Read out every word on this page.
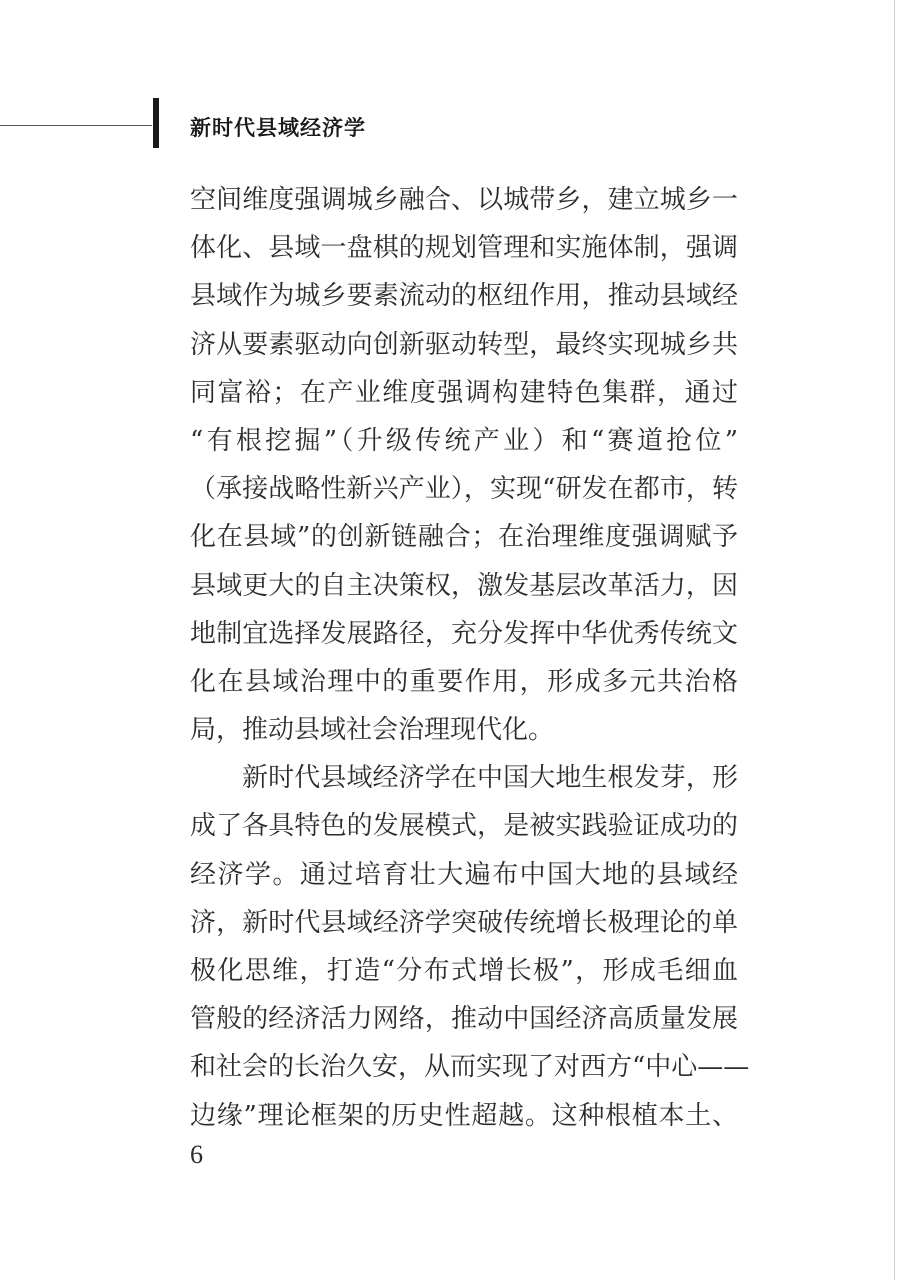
新时代县域经济学
空间维度强调城乡融合、以城带乡，建立城乡一
体化、县域一盘棋的规划管理和实施体制，强调
县域作为城乡要素流动的枢纽作用，推动县域经
济从要素驱动向创新驱动转型，最终实现城乡共
同富裕；在产业维度强调构建特色集群，通过
“有根挖掘”（升级传统产业）和“赛道抢位”
（承接战略性新兴产业），实现“研发在都市，转
化在县域”的创新链融合；在治理维度强调赋予
县域更大的自主决策权，激发基层改革活力，因
地制宜选择发展路径，充分发挥中华优秀传统文
化在县域治理中的重要作用，形成多元共治格
局，推动县域社会治理现代化。
新时代县域经济学在中国大地生根发芽，形
成了各具特色的发展模式，是被实践验证成功的
经济学。通过培育壮大遍布中国大地的县域经
济，新时代县域经济学突破传统增长极理论的单
极化思维，打造“分布式增长极”，形成毛细血
管般的经济活力网络，推动中国经济高质量发展
和社会的长治久安，从而实现了对西方“中心——
边缘”理论框架的历史性超越。这种根植本土、
6
